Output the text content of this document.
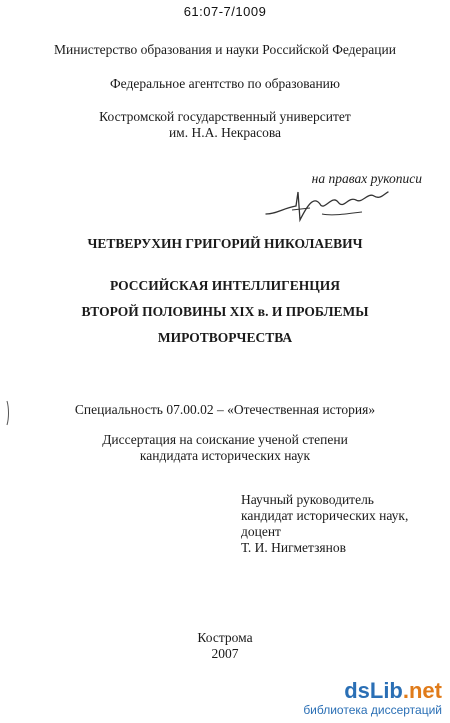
61:07-7/1009
Министерство образования и науки Российской Федерации
Федеральное агентство по образованию
Костромской государственный университет
им. Н.А. Некрасова
на правах рукописи
ЧЕТВЕРУХИН ГРИГОРИЙ НИКОЛАЕВИЧ
РОССИЙСКАЯ ИНТЕЛЛИГЕНЦИЯ
ВТОРОЙ ПОЛОВИНЫ XIX в. И ПРОБЛЕМЫ
МИРОТВОРЧЕСТВА
Специальность 07.00.02 – «Отечественная история»
Диссертация на соискание ученой степени
кандидата исторических наук
Научный руководитель
кандидат исторических наук,
доцент
Т. И. Нигметзянов
Кострома
2007
dsLib.net
библиотека диссертаций
